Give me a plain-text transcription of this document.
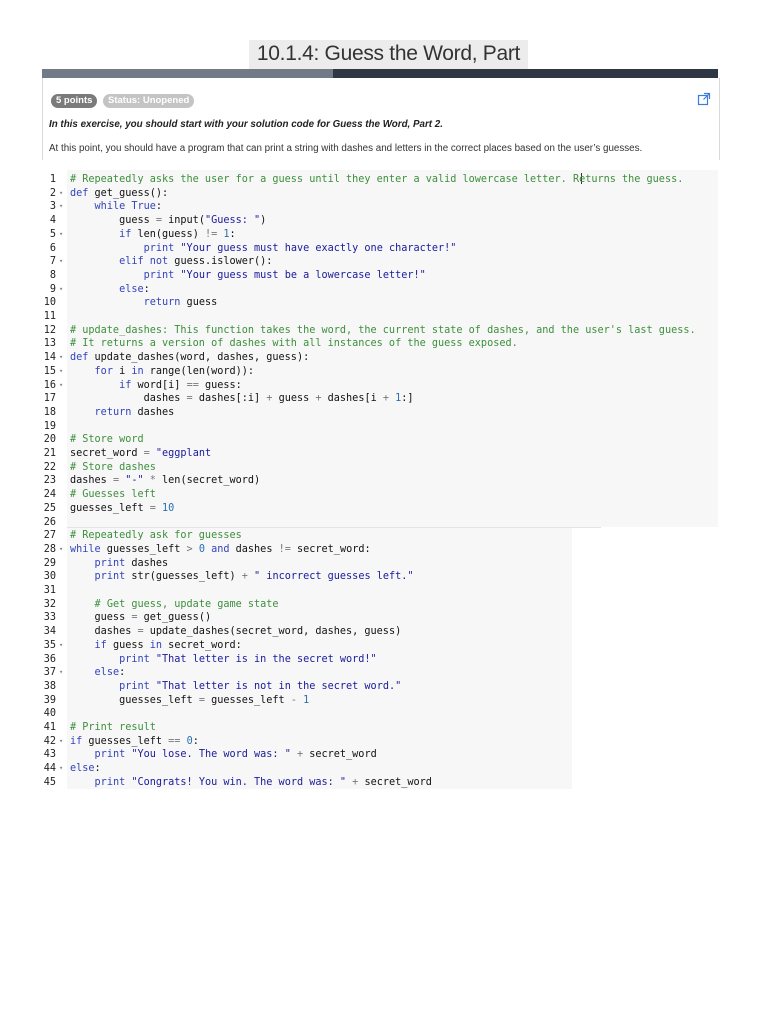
10.1.4: Guess the Word, Part
5 points	Status: Unopened
In this exercise, you should start with your solution code for Guess the Word, Part 2.
At this point, you should have a program that can print a string with dashes and letters in the correct places based on the user’s guesses.
1 # Repeatedly asks the user for a guess until they enter a valid lowercase letter. Returns the guess.
2 ▾ def get_guess():
3 ▾	while True:
4 guess = input("Guess: ")
5 ▾	if len(guess) != 1:
6	print "Your guess must have exactly one character!"
7 ▾	elif not guess.islower():
8	print "Your guess must be a lowercase letter!"
9 ▾	else:
10	return guess
11
12 # update_dashes: This function takes the word, the current state of dashes, and the user's last guess.
13 # It returns a version of dashes with all instances of the guess exposed.
14 ▾ def update_dashes(word, dashes, guess):
15 ▾	for i in range(len(word)):
16 ▾	if word[i] == guess:
17 dashes = dashes[:i] + guess + dashes[i + 1:]
18	return dashes
19
20 # Store word
21 secret_word = "eggplant
22 # Store dashes
23 dashes = "-" * len(secret_word)
24 # Guesses left
25 guesses_left = 10
26
27 # Repeatedly ask for guesses
28 ▾ while guesses_left > 0 and dashes != secret_word:
29	print dashes
30	print str(guesses_left) + " incorrect guesses left."
31
32	# Get guess, update game state
33 guess = get_guess()
34 dashes = update_dashes(secret_word, dashes, guess)
35 ▾	if guess in secret_word:
36	print "That letter is in the secret word!"
37 ▾	else:
38	print "That letter is not in the secret word."
39 guesses_left = guesses_left - 1
40
41 # Print result
42 ▾ if guesses_left == 0:
43	print "You lose. The word was: " + secret_word
44 ▾ else:
45	print "Congrats! You win. The word was: " + secret_word
